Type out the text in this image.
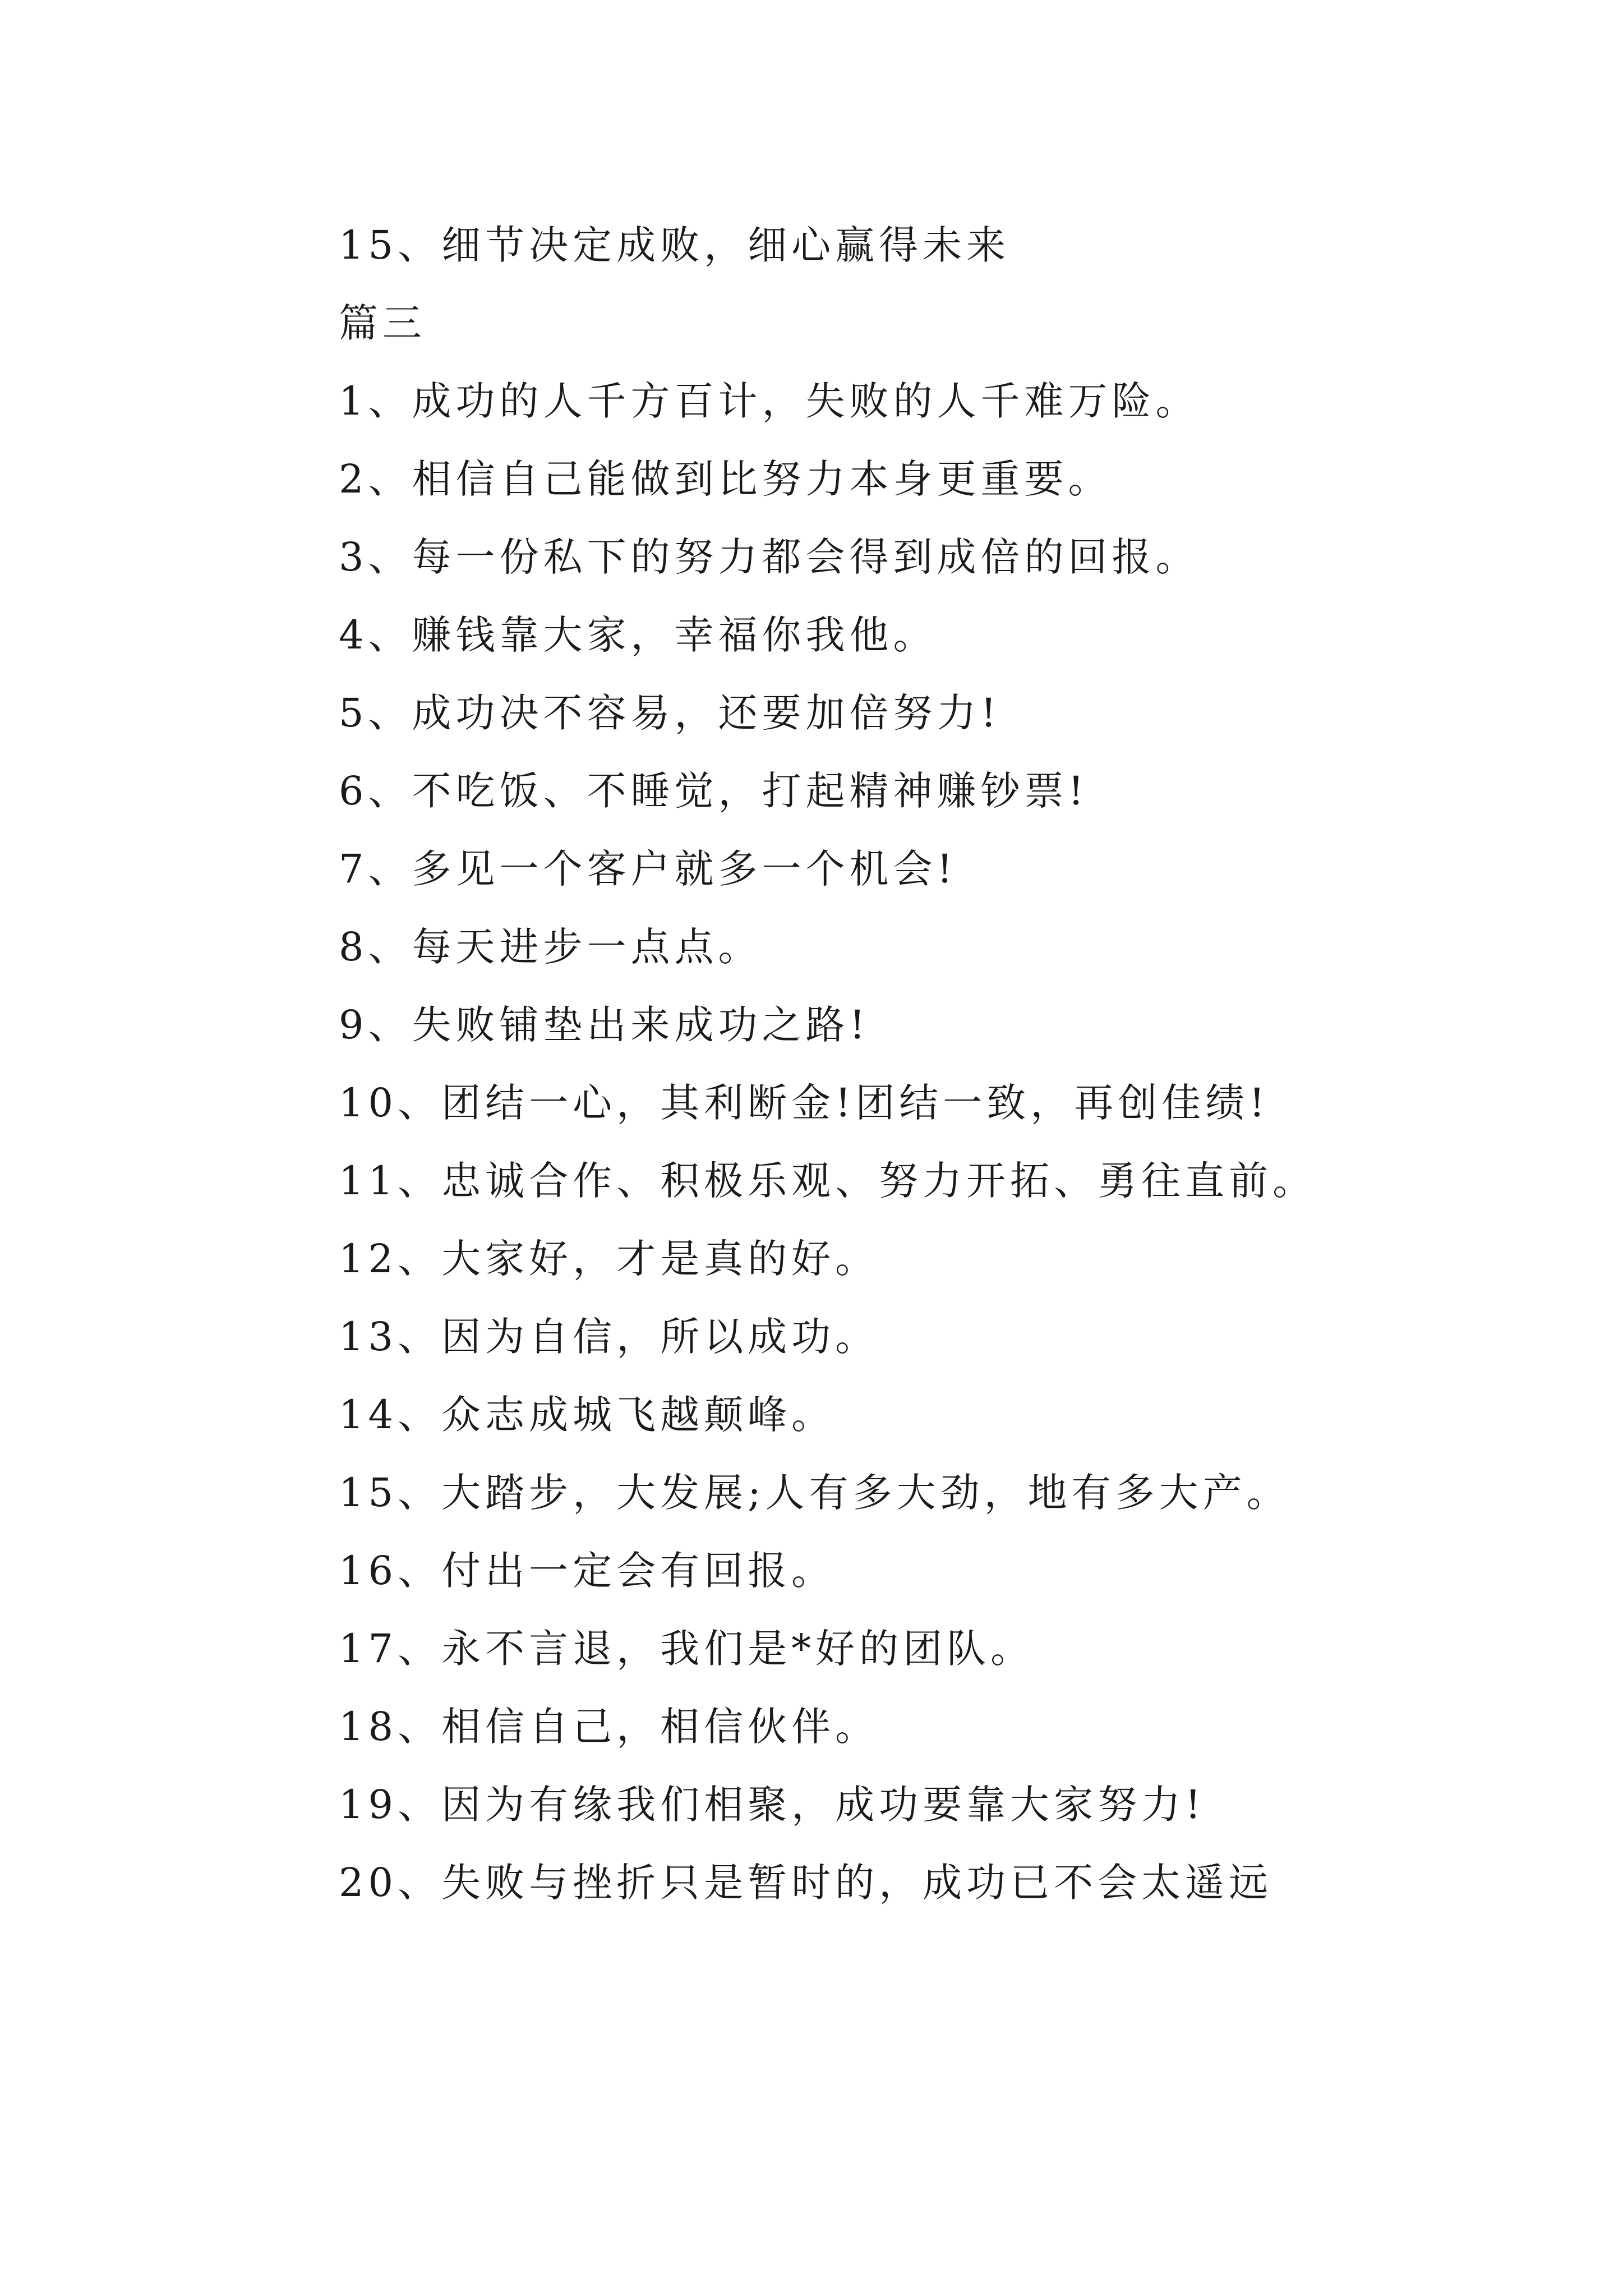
15、细节决定成败，细心赢得未来
篇三
1、成功的人千方百计，失败的人千难万险。
2、相信自己能做到比努力本身更重要。
3、每一份私下的努力都会得到成倍的回报。
4、赚钱靠大家，幸福你我他。
5、成功决不容易，还要加倍努力!
6、不吃饭、不睡觉，打起精神赚钞票!
7、多见一个客户就多一个机会!
8、每天进步一点点。
9、失败铺垫出来成功之路!
10、团结一心，其利断金!团结一致，再创佳绩!
11、忠诚合作、积极乐观、努力开拓、勇往直前。
12、大家好，才是真的好。
13、因为自信，所以成功。
14、众志成城飞越颠峰。
15、大踏步，大发展;人有多大劲，地有多大产。
16、付出一定会有回报。
17、永不言退，我们是*好的团队。
18、相信自己，相信伙伴。
19、因为有缘我们相聚，成功要靠大家努力!
20、失败与挫折只是暂时的，成功已不会太遥远
